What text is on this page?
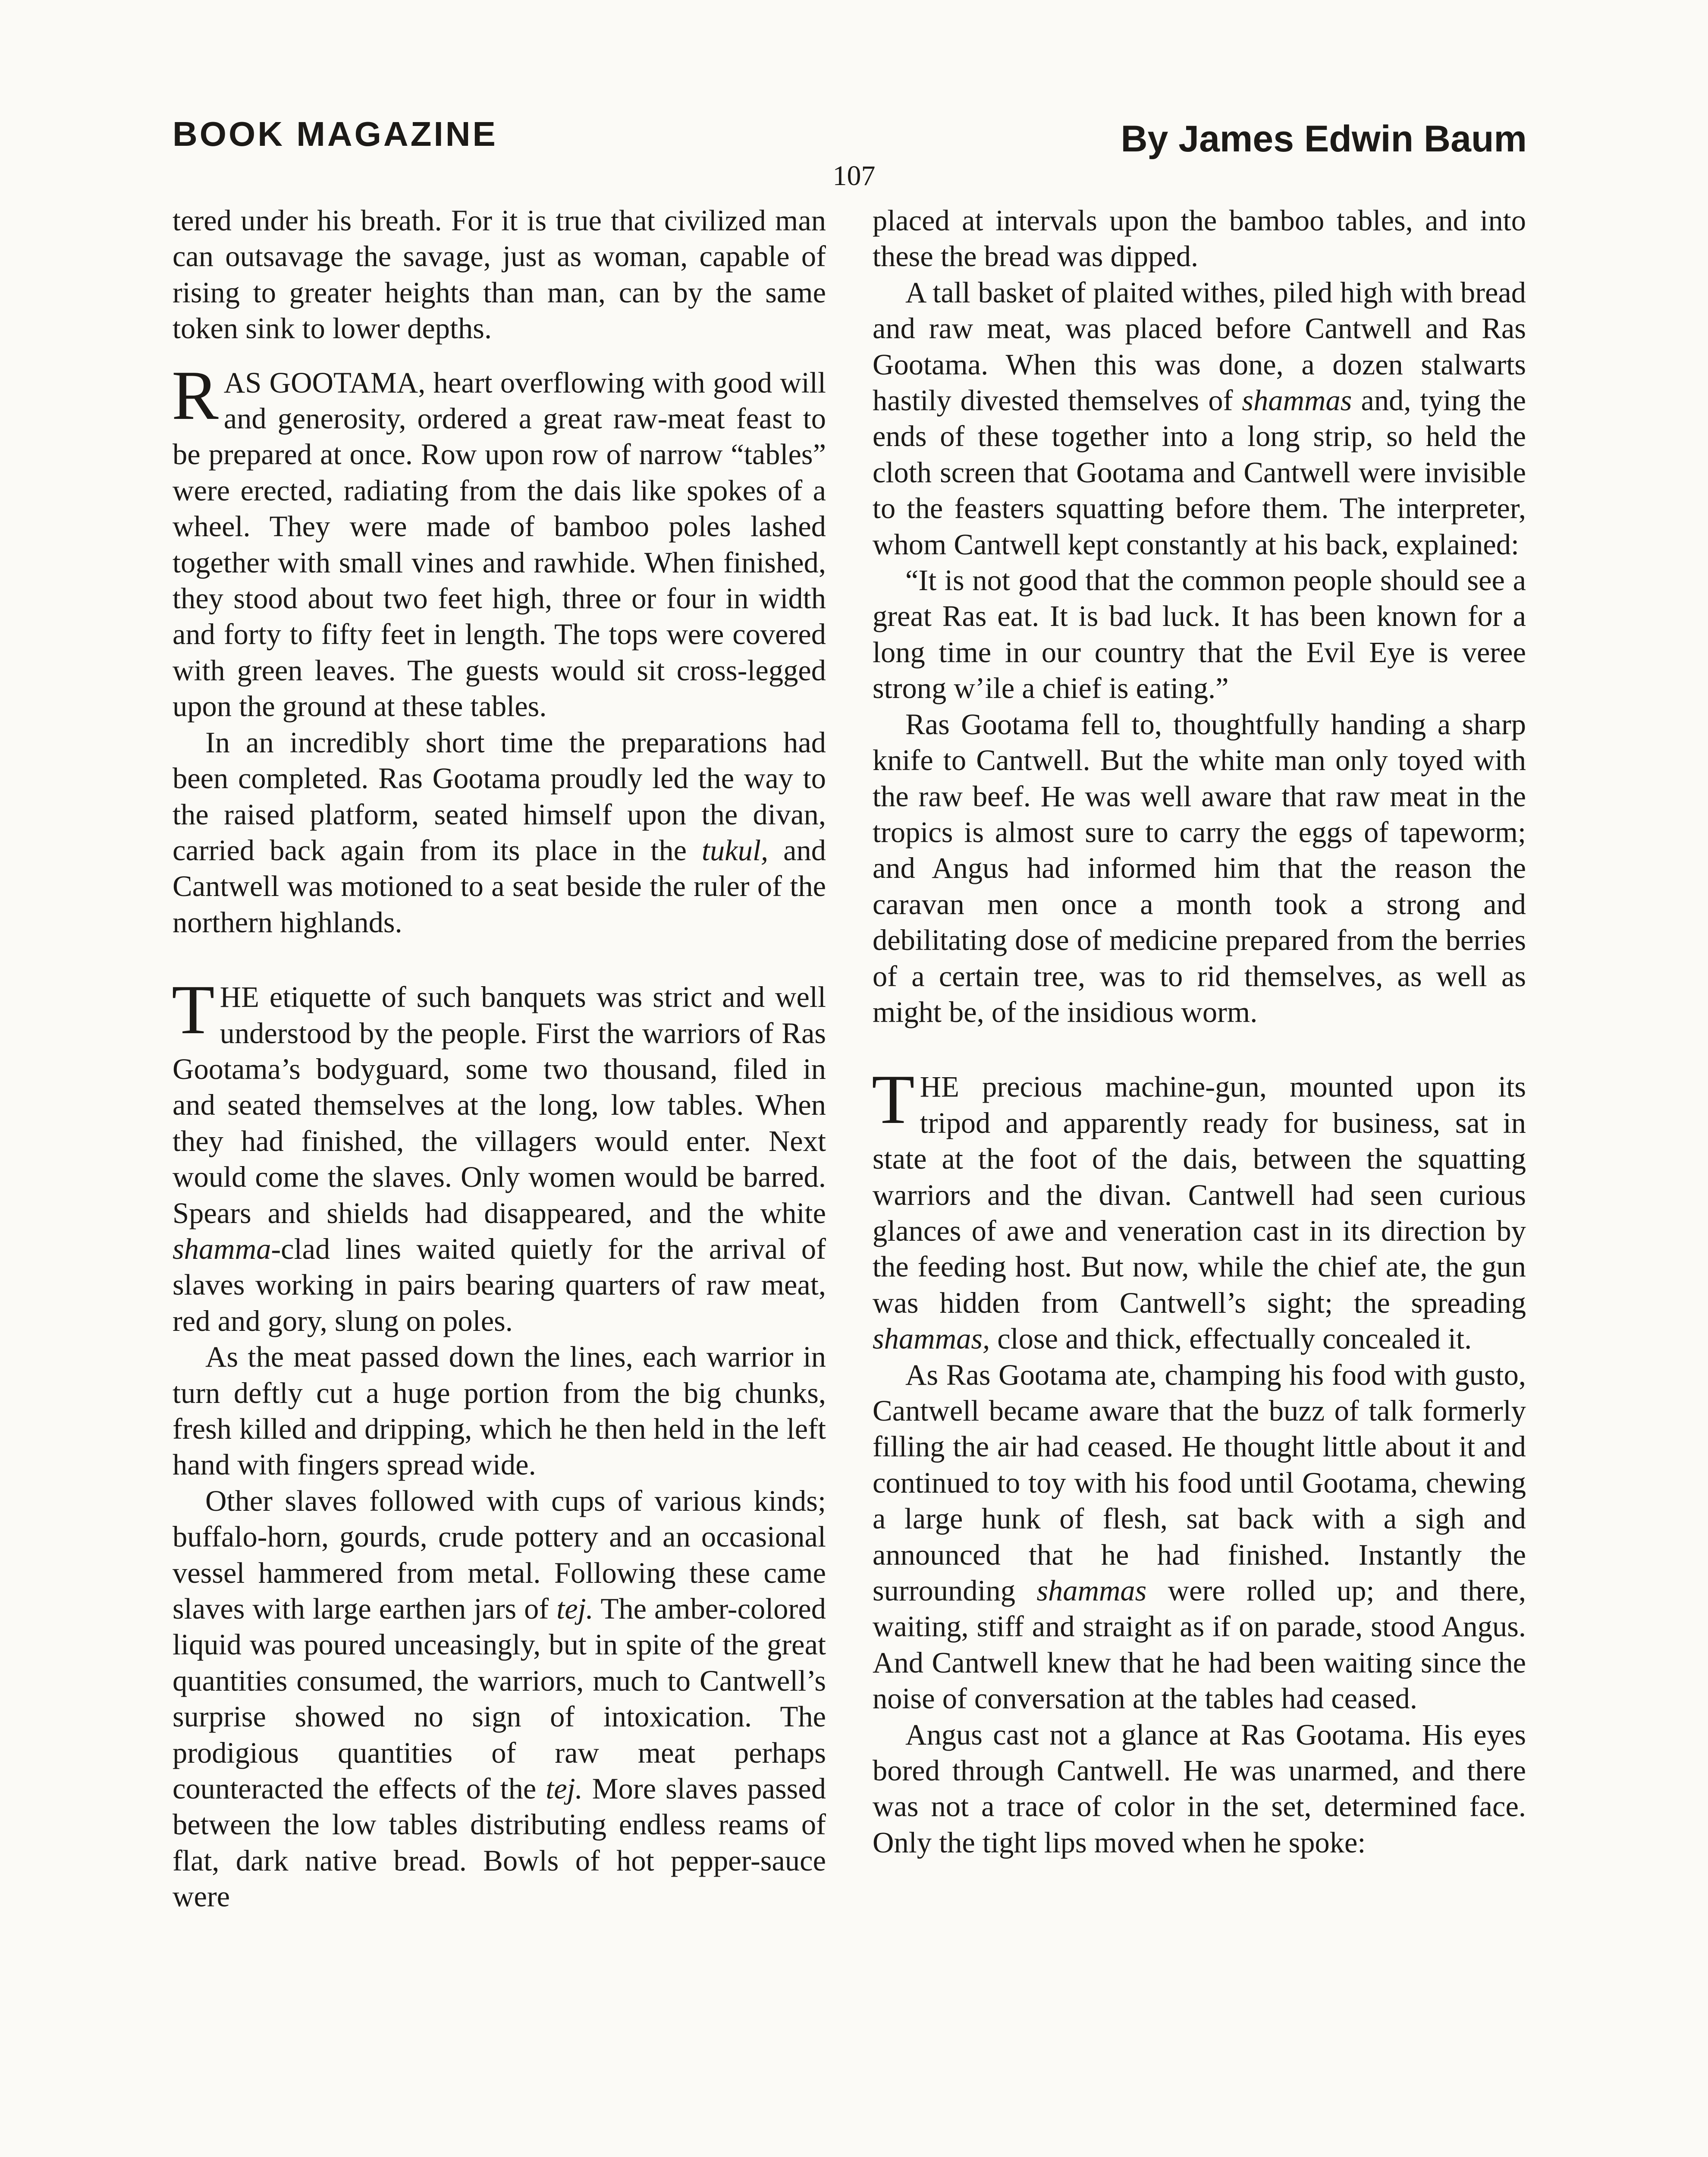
BOOK MAGAZINE	By James Edwin Baum
107

tered under his breath. For it is true that civilized man can outsavage the savage, just as woman, capable of rising to greater heights than man, can by the same token sink to lower depths.

RAS GOOTAMA, heart overflowing with good will and generosity, ordered a great raw-meat feast to be prepared at once. Row upon row of narrow “tables” were erected, radiating from the dais like spokes of a wheel. They were made of bamboo poles lashed together with small vines and rawhide. When finished, they stood about two feet high, three or four in width and forty to fifty feet in length. The tops were covered with green leaves. The guests would sit cross-legged upon the ground at these tables.

In an incredibly short time the preparations had been completed. Ras Gootama proudly led the way to the raised platform, seated himself upon the divan, carried back again from its place in the tukul, and Cantwell was motioned to a seat beside the ruler of the northern highlands.

THE etiquette of such banquets was strict and well understood by the people. First the warriors of Ras Gootama’s bodyguard, some two thousand, filed in and seated themselves at the long, low tables. When they had finished, the villagers would enter. Next would come the slaves. Only women would be barred. Spears and shields had disappeared, and the white shamma-clad lines waited quietly for the arrival of slaves working in pairs bearing quarters of raw meat, red and gory, slung on poles.

As the meat passed down the lines, each warrior in turn deftly cut a huge portion from the big chunks, fresh killed and dripping, which he then held in the left hand with fingers spread wide.

Other slaves followed with cups of various kinds; buffalo-horn, gourds, crude pottery and an occasional vessel hammered from metal. Following these came slaves with large earthen jars of tej. The amber-colored liquid was poured unceasingly, but in spite of the great quantities consumed, the warriors, much to Cantwell’s surprise showed no sign of intoxication. The prodigious quantities of raw meat perhaps counteracted the effects of the tej. More slaves passed between the low tables distributing endless reams of flat, dark native bread. Bowls of hot pepper-sauce were

placed at intervals upon the bamboo tables, and into these the bread was dipped.

A tall basket of plaited withes, piled high with bread and raw meat, was placed before Cantwell and Ras Gootama. When this was done, a dozen stalwarts hastily divested themselves of shammas and, tying the ends of these together into a long strip, so held the cloth screen that Gootama and Cantwell were invisible to the feasters squatting before them. The interpreter, whom Cantwell kept constantly at his back, explained:

“It is not good that the common people should see a great Ras eat. It is bad luck. It has been known for a long time in our country that the Evil Eye is veree strong w’ile a chief is eating.”

Ras Gootama fell to, thoughtfully handing a sharp knife to Cantwell. But the white man only toyed with the raw beef. He was well aware that raw meat in the tropics is almost sure to carry the eggs of tapeworm; and Angus had informed him that the reason the caravan men once a month took a strong and debilitating dose of medicine prepared from the berries of a certain tree, was to rid themselves, as well as might be, of the insidious worm.

THE precious machine-gun, mounted upon its tripod and apparently ready for business, sat in state at the foot of the dais, between the squatting warriors and the divan. Cantwell had seen curious glances of awe and veneration cast in its direction by the feeding host. But now, while the chief ate, the gun was hidden from Cantwell’s sight; the spreading shammas, close and thick, effectually concealed it.

As Ras Gootama ate, champing his food with gusto, Cantwell became aware that the buzz of talk formerly filling the air had ceased. He thought little about it and continued to toy with his food until Gootama, chewing a large hunk of flesh, sat back with a sigh and announced that he had finished. Instantly the surrounding shammas were rolled up; and there, waiting, stiff and straight as if on parade, stood Angus. And Cantwell knew that he had been waiting since the noise of conversation at the tables had ceased.

Angus cast not a glance at Ras Gootama. His eyes bored through Cantwell. He was unarmed, and there was not a trace of color in the set, determined face. Only the tight lips moved when he spoke:
